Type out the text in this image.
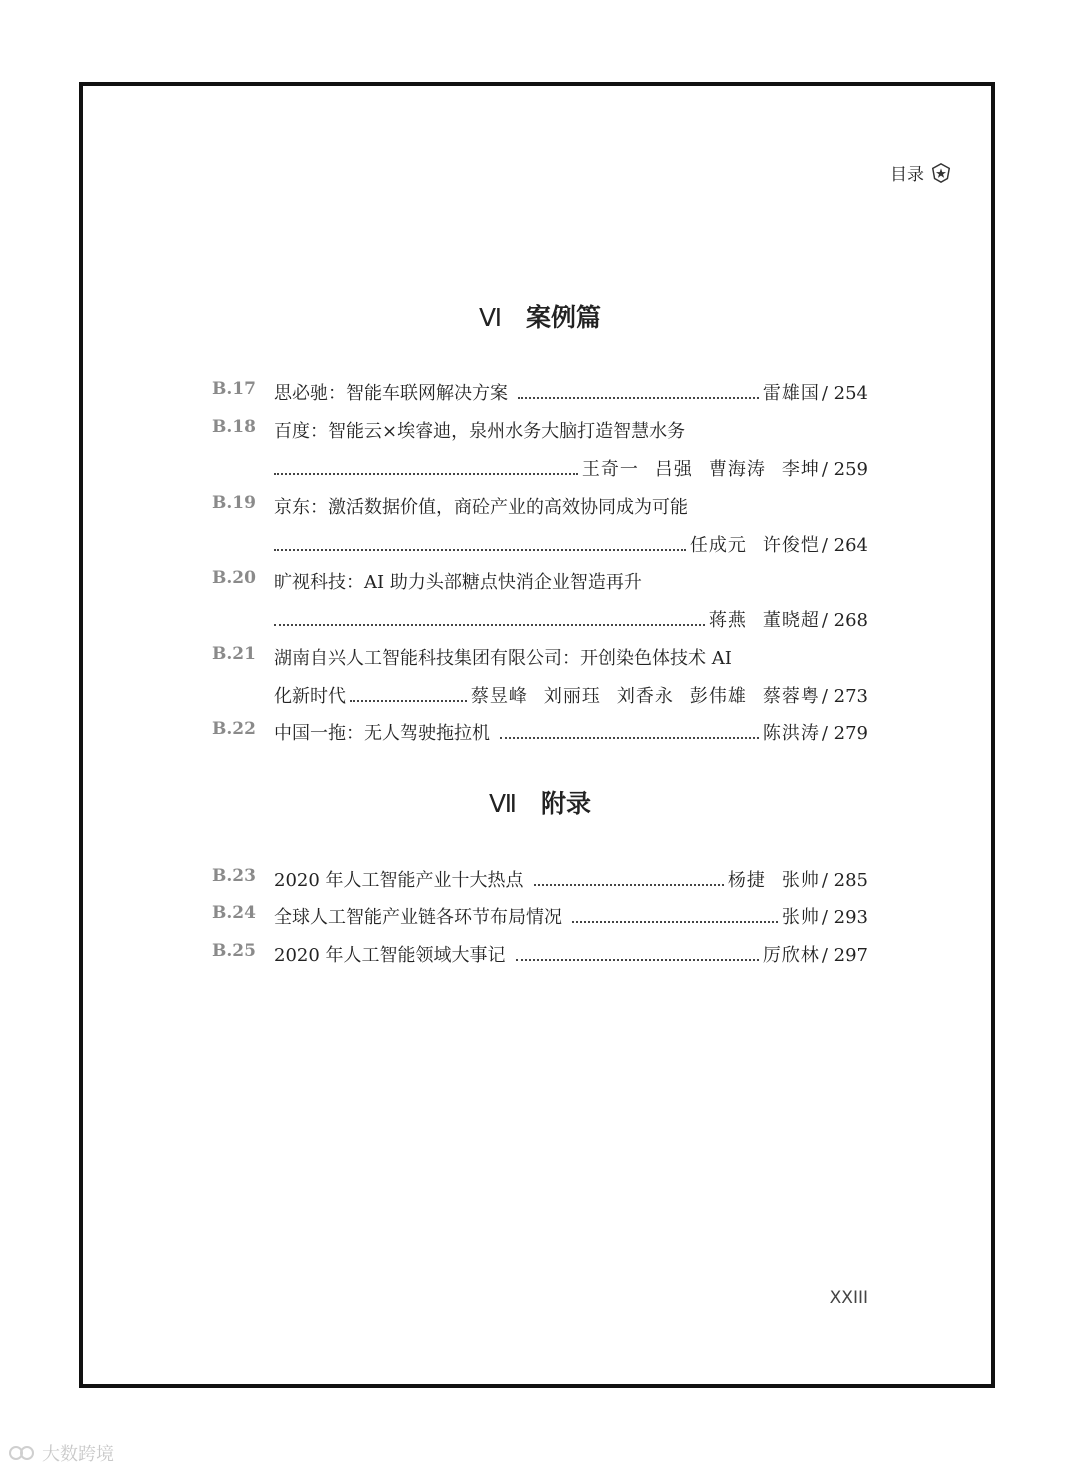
目录
Ⅵ 案例篇
B.17 思必驰：智能车联网解决方案	雷雄国 / 254
B.18 百度：智能云×埃睿迪，泉州水务大脑打造智慧水务
王奇一 吕强 曹海涛 李坤 / 259
B.19 京东：激活数据价值，商砼产业的高效协同成为可能
任成元 许俊恺 / 264
B.20 旷视科技：AI 助力头部糖点快消企业智造再升
蒋燕 董晓超 / 268
B.21 湖南自兴人工智能科技集团有限公司：开创染色体技术 AI
化新时代	蔡昱峰 刘丽珏 刘香永 彭伟雄 蔡蓉粤 / 273
B.22 中国一拖：无人驾驶拖拉机	陈洪涛 / 279
Ⅶ 附录
B.23 2020 年人工智能产业十大热点	杨捷 张帅 / 285
B.24 全球人工智能产业链各环节布局情况	张帅 / 293
B.25 2020 年人工智能领域大事记	厉欣林 / 297
XXIII
大数跨境
